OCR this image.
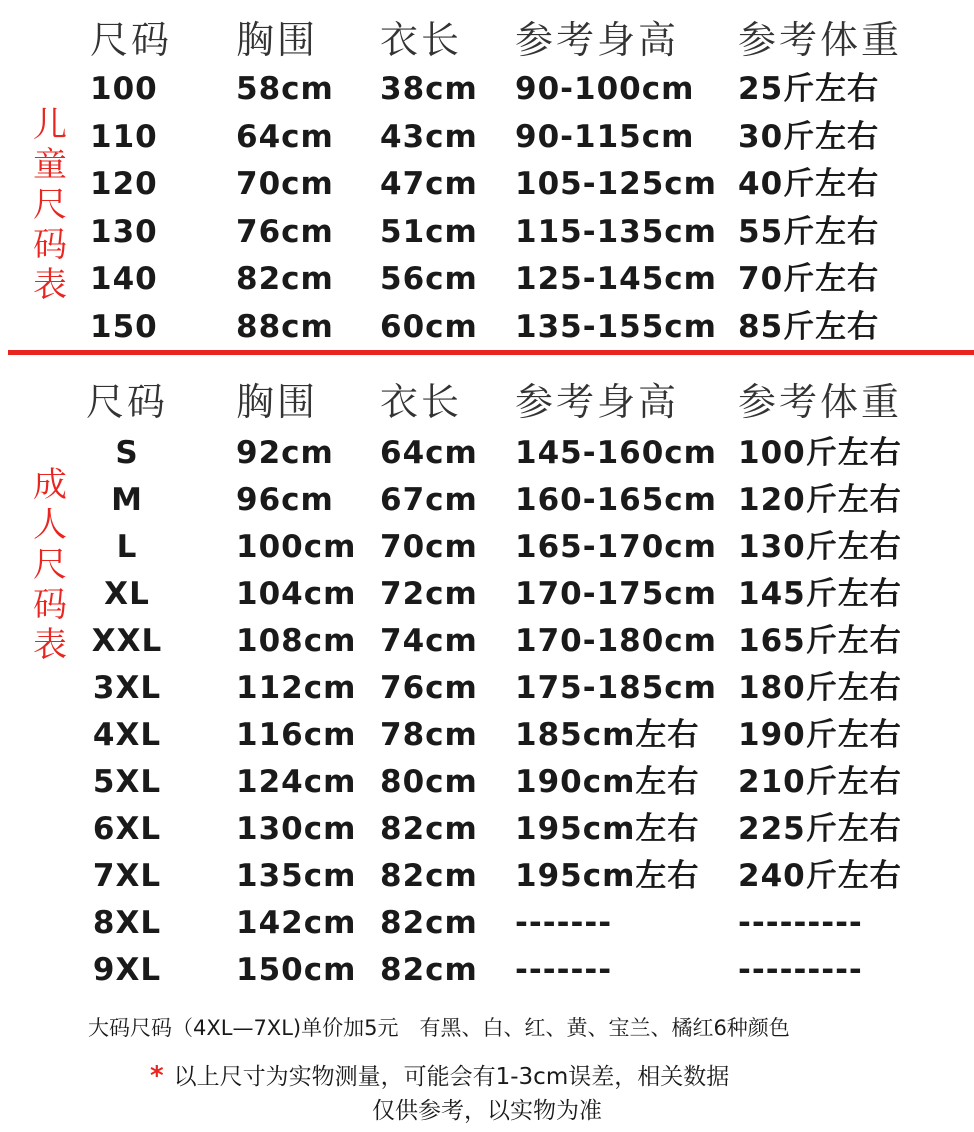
儿
童
尺
码
表
尺码 胸围 衣长 参考身高 参考体重
100	58cm 38cm 90-100cm 25斤左右
110	64cm 43cm 90-115cm 30斤左右
120	70cm 47cm 105-125cm 40斤左右
130	76cm 51cm 115-135cm 55斤左右
140	82cm 56cm 125-145cm 70斤左右
150	88cm 60cm 135-155cm 85斤左右
成
人
尺
码
表
尺码 胸围 衣长 参考身高 参考体重
S	92cm 64cm 145-160cm 100斤左右
M	96cm 67cm 160-165cm 120斤左右
L	100cm 70cm 165-170cm 130斤左右
XL	104cm 72cm 170-175cm 145斤左右
XXL	108cm 74cm 170-180cm 165斤左右
3XL	112cm 76cm 175-185cm 180斤左右
4XL	116cm 78cm 185cm左右 190斤左右
5XL	124cm 80cm 190cm左右 210斤左右
6XL	130cm 82cm 195cm左右 225斤左右
7XL	135cm 82cm 195cm左右 240斤左右
8XL	142cm 82cm -------	---------
9XL	150cm 82cm -------	---------
大码尺码（4XL—7XL)单价加5元　有黑、白、红、黄、宝兰、橘红6种颜色
* 以上尺寸为实物测量，可能会有1-3cm误差，相关数据
仅供参考，以实物为准
